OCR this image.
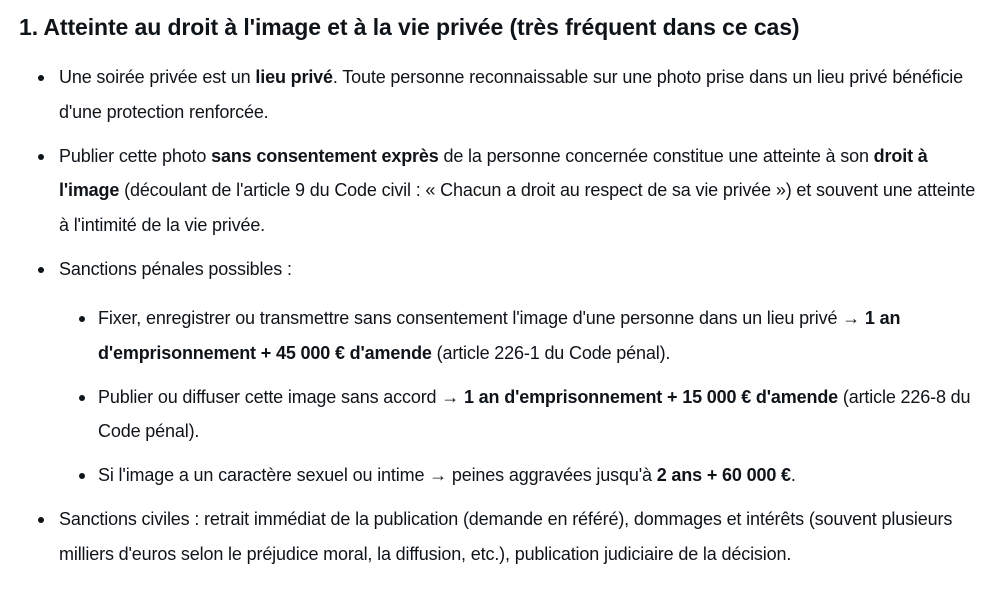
1. Atteinte au droit à l'image et à la vie privée (très fréquent dans ce cas)
Une soirée privée est un lieu privé. Toute personne reconnaissable sur une photo prise dans un lieu privé bénéficie d'une protection renforcée.
Publier cette photo sans consentement exprès de la personne concernée constitue une atteinte à son droit à l'image (découlant de l'article 9 du Code civil : « Chacun a droit au respect de sa vie privée ») et souvent une atteinte à l'intimité de la vie privée.
Sanctions pénales possibles :
Fixer, enregistrer ou transmettre sans consentement l'image d'une personne dans un lieu privé → 1 an d'emprisonnement + 45 000 € d'amende (article 226-1 du Code pénal).
Publier ou diffuser cette image sans accord → 1 an d'emprisonnement + 15 000 € d'amende (article 226-8 du Code pénal).
Si l'image a un caractère sexuel ou intime → peines aggravées jusqu'à 2 ans + 60 000 €.
Sanctions civiles : retrait immédiat de la publication (demande en référé), dommages et intérêts (souvent plusieurs milliers d'euros selon le préjudice moral, la diffusion, etc.), publication judiciaire de la décision.
